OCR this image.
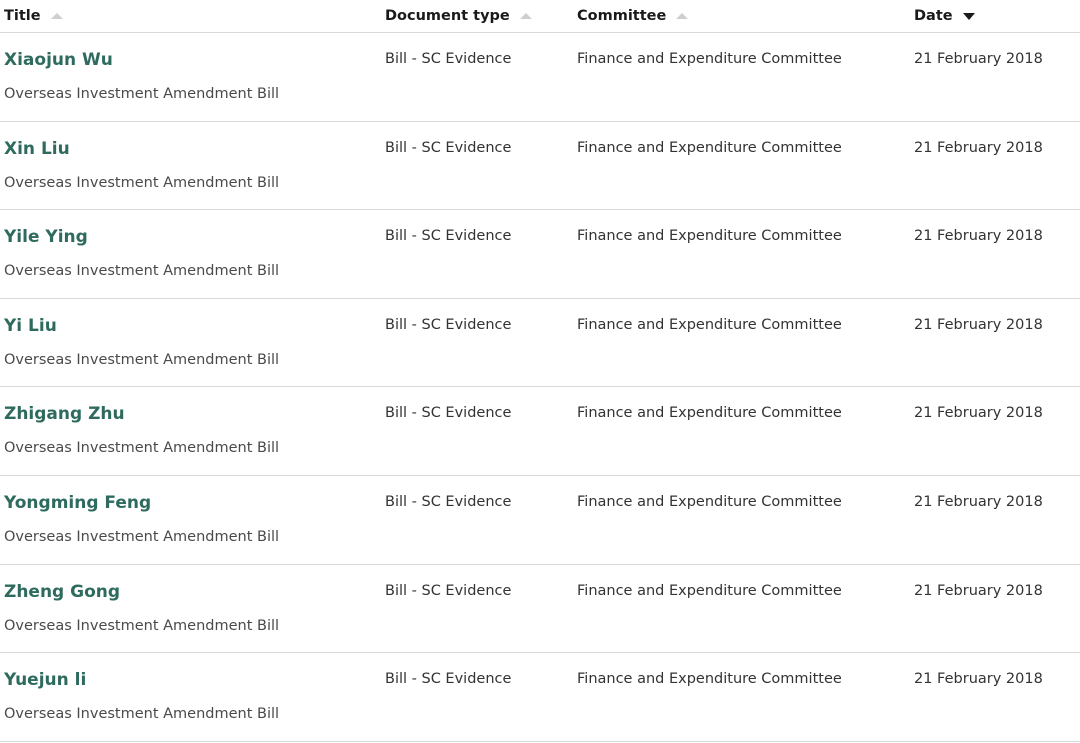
Title	Document type	Committee	Date
Xiaojun Wu
Overseas Investment Amendment Bill
Bill - SC Evidence	Finance and Expenditure Committee	21 February 2018
Xin Liu
Overseas Investment Amendment Bill
Bill - SC Evidence	Finance and Expenditure Committee	21 February 2018
Yile Ying
Overseas Investment Amendment Bill
Bill - SC Evidence	Finance and Expenditure Committee	21 February 2018
Yi Liu
Overseas Investment Amendment Bill
Bill - SC Evidence	Finance and Expenditure Committee	21 February 2018
Zhigang Zhu
Overseas Investment Amendment Bill
Bill - SC Evidence	Finance and Expenditure Committee	21 February 2018
Yongming Feng
Overseas Investment Amendment Bill
Bill - SC Evidence	Finance and Expenditure Committee	21 February 2018
Zheng Gong
Overseas Investment Amendment Bill
Bill - SC Evidence	Finance and Expenditure Committee	21 February 2018
Yuejun li
Overseas Investment Amendment Bill
Bill - SC Evidence	Finance and Expenditure Committee	21 February 2018
